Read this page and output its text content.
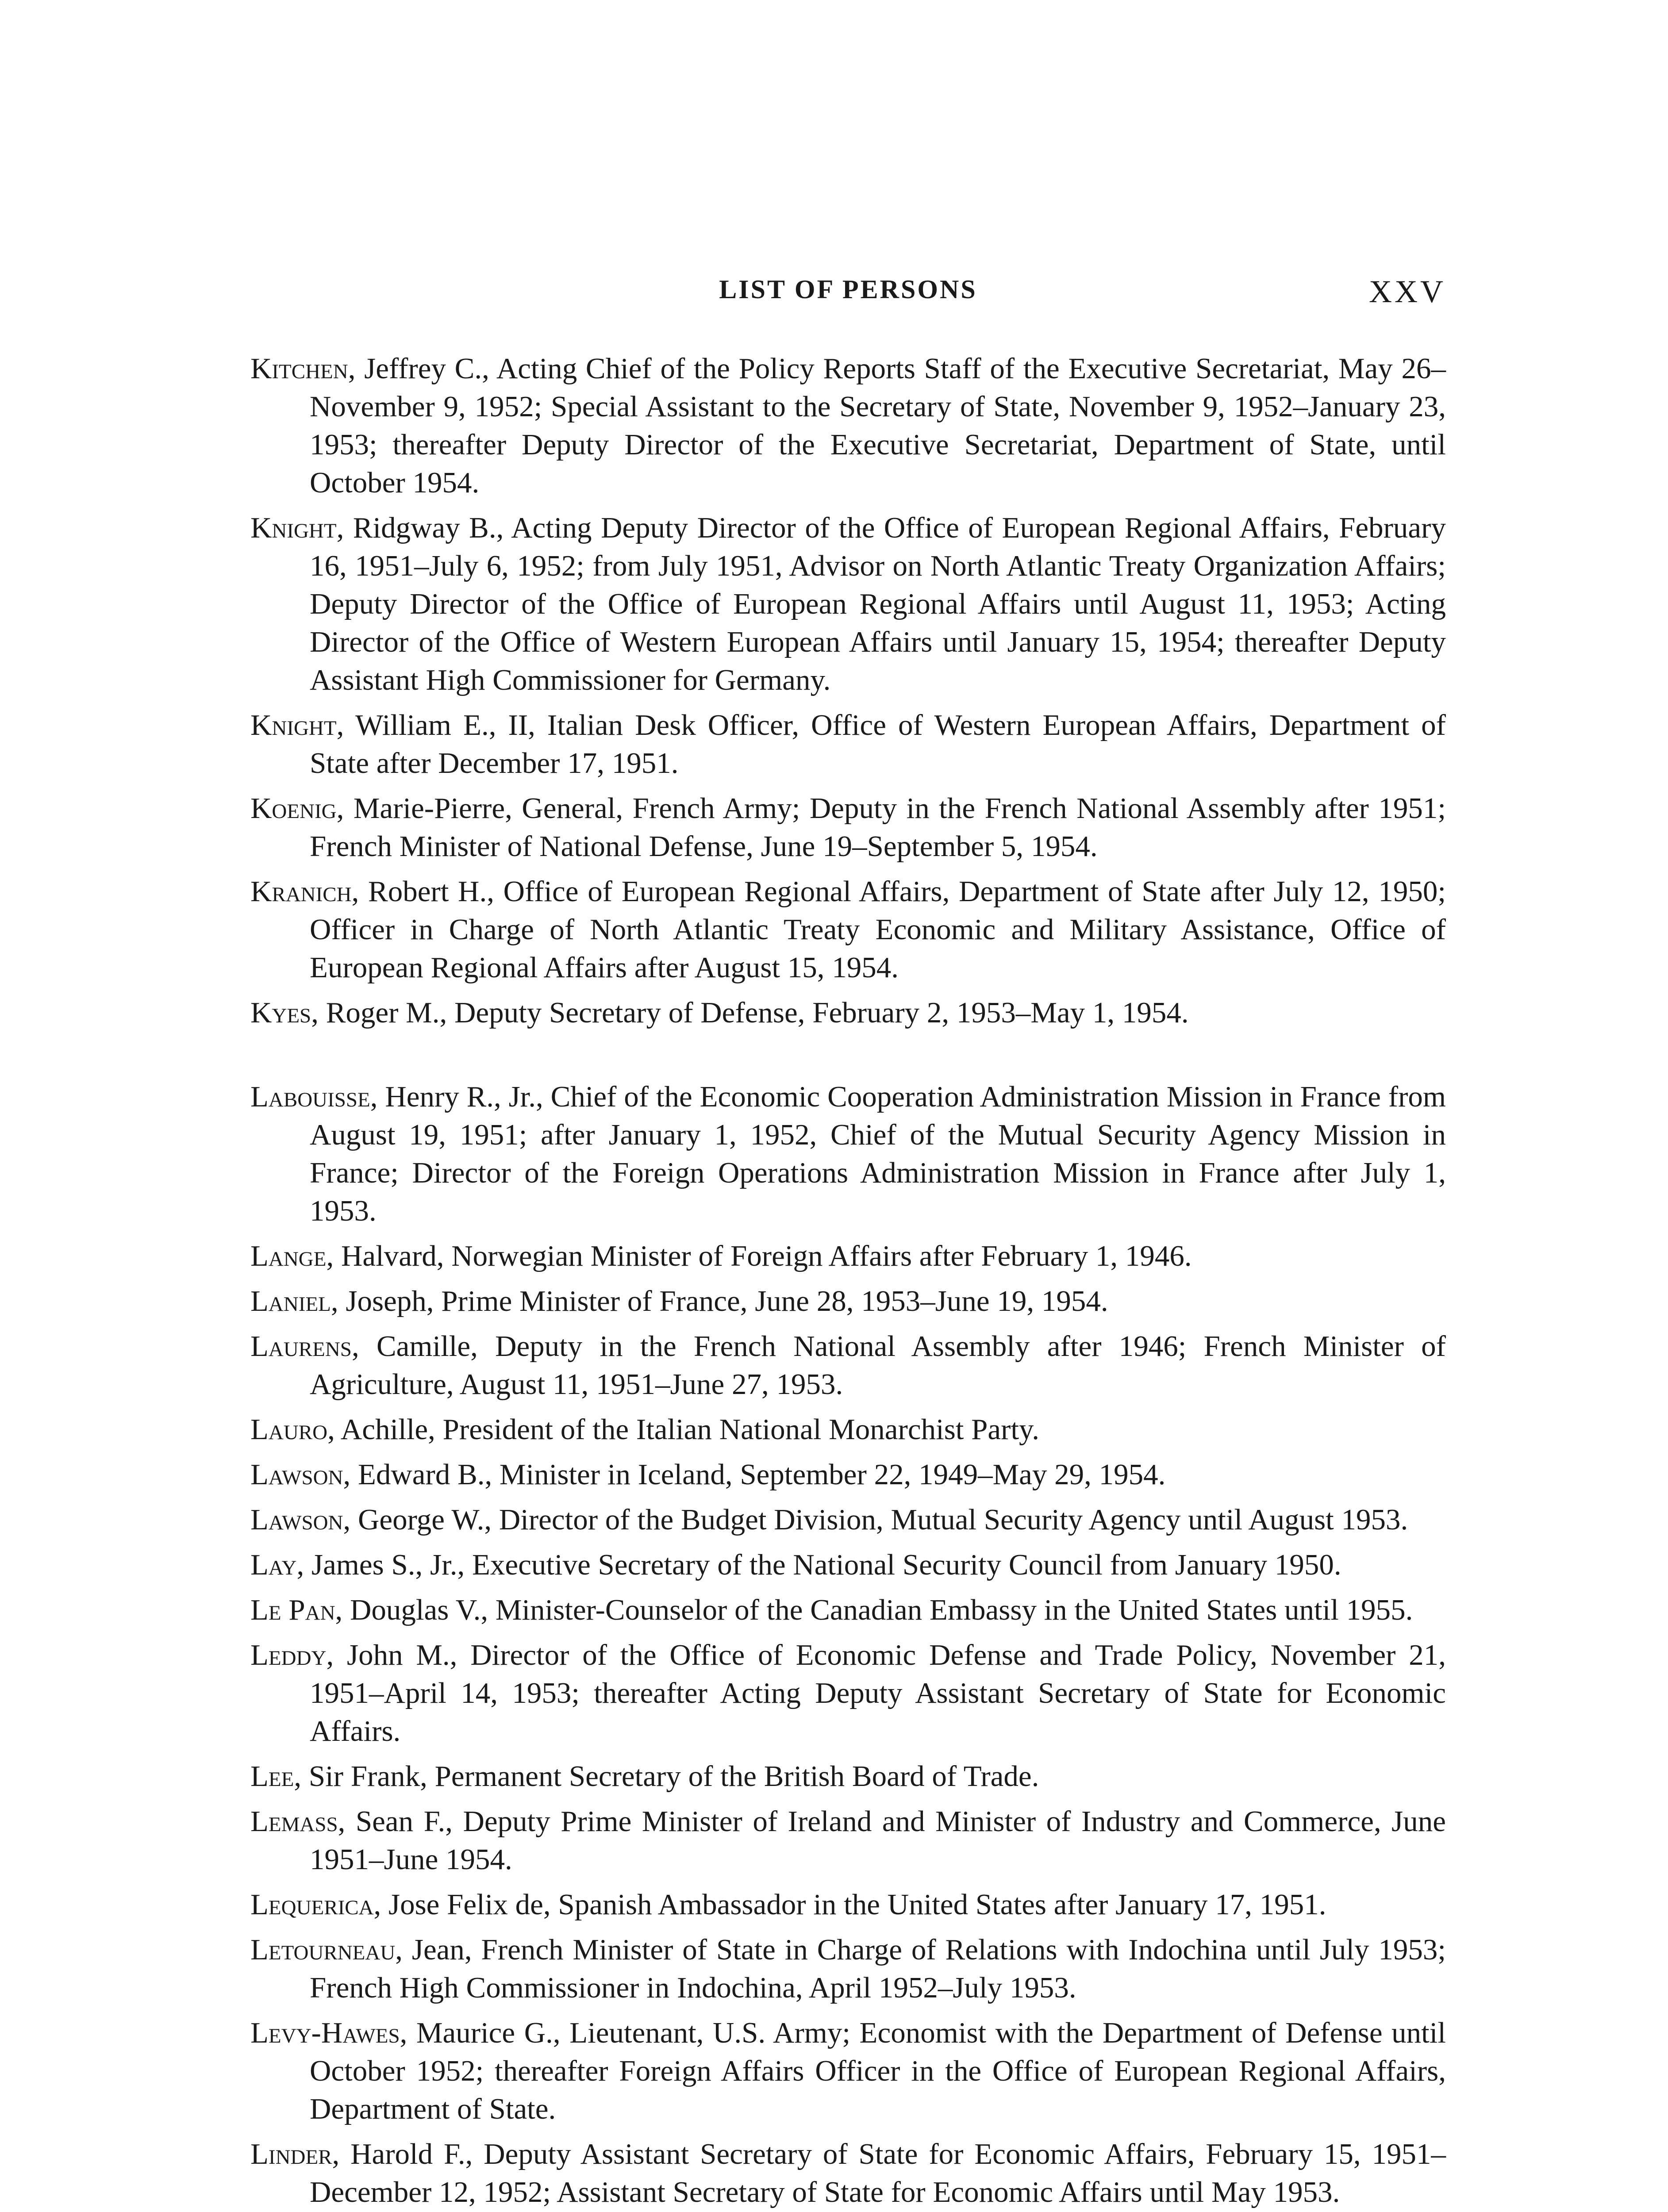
LIST OF PERSONS	XXV
Kitchen, Jeffrey C., Acting Chief of the Policy Reports Staff of the Executive Secretariat, May 26–November 9, 1952; Special Assistant to the Secretary of State, November 9, 1952–January 23, 1953; thereafter Deputy Director of the Executive Secretariat, Department of State, until October 1954.
Knight, Ridgway B., Acting Deputy Director of the Office of European Regional Affairs, February 16, 1951–July 6, 1952; from July 1951, Advisor on North Atlantic Treaty Organization Affairs; Deputy Director of the Office of European Regional Affairs until August 11, 1953; Acting Director of the Office of Western European Affairs until January 15, 1954; thereafter Deputy Assistant High Commissioner for Germany.
Knight, William E., II, Italian Desk Officer, Office of Western European Affairs, Department of State after December 17, 1951.
Koenig, Marie-Pierre, General, French Army; Deputy in the French National Assembly after 1951; French Minister of National Defense, June 19–September 5, 1954.
Kranich, Robert H., Office of European Regional Affairs, Department of State after July 12, 1950; Officer in Charge of North Atlantic Treaty Economic and Military Assistance, Office of European Regional Affairs after August 15, 1954.
Kyes, Roger M., Deputy Secretary of Defense, February 2, 1953–May 1, 1954.
Labouisse, Henry R., Jr., Chief of the Economic Cooperation Administration Mission in France from August 19, 1951; after January 1, 1952, Chief of the Mutual Security Agency Mission in France; Director of the Foreign Operations Administration Mission in France after July 1, 1953.
Lange, Halvard, Norwegian Minister of Foreign Affairs after February 1, 1946.
Laniel, Joseph, Prime Minister of France, June 28, 1953–June 19, 1954.
Laurens, Camille, Deputy in the French National Assembly after 1946; French Minister of Agriculture, August 11, 1951–June 27, 1953.
Lauro, Achille, President of the Italian National Monarchist Party.
Lawson, Edward B., Minister in Iceland, September 22, 1949–May 29, 1954.
Lawson, George W., Director of the Budget Division, Mutual Security Agency until August 1953.
Lay, James S., Jr., Executive Secretary of the National Security Council from January 1950.
Le Pan, Douglas V., Minister-Counselor of the Canadian Embassy in the United States until 1955.
Leddy, John M., Director of the Office of Economic Defense and Trade Policy, November 21, 1951–April 14, 1953; thereafter Acting Deputy Assistant Secretary of State for Economic Affairs.
Lee, Sir Frank, Permanent Secretary of the British Board of Trade.
Lemass, Sean F., Deputy Prime Minister of Ireland and Minister of Industry and Commerce, June 1951–June 1954.
Lequerica, Jose Felix de, Spanish Ambassador in the United States after January 17, 1951.
Letourneau, Jean, French Minister of State in Charge of Relations with Indochina until July 1953; French High Commissioner in Indochina, April 1952–July 1953.
Levy-Hawes, Maurice G., Lieutenant, U.S. Army; Economist with the Department of Defense until October 1952; thereafter Foreign Affairs Officer in the Office of European Regional Affairs, Department of State.
Linder, Harold F., Deputy Assistant Secretary of State for Economic Affairs, February 15, 1951–December 12, 1952; Assistant Secretary of State for Economic Affairs until May 1953.
